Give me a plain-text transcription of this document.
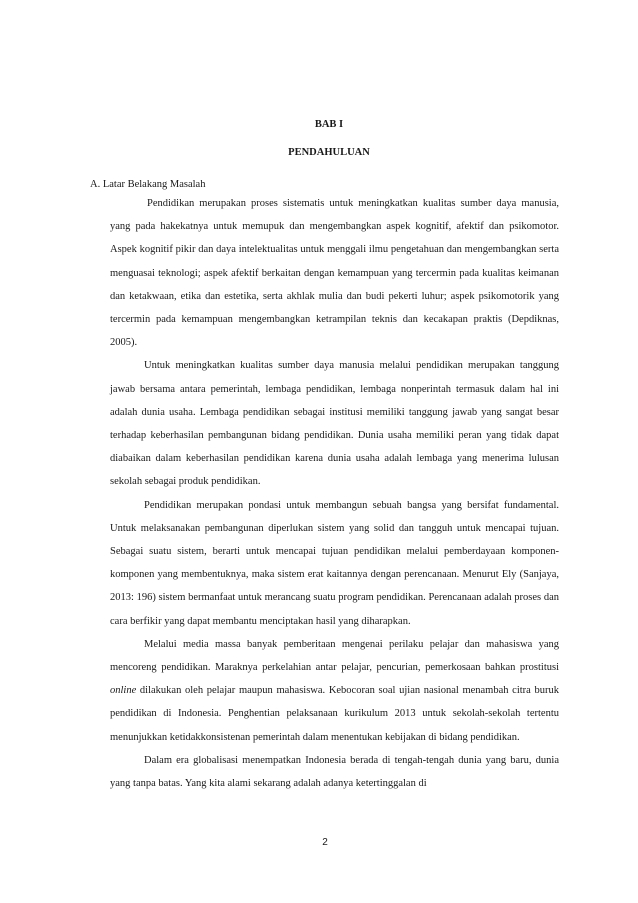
BAB I

PENDAHULUAN

A. Latar Belakang Masalah

Pendidikan merupakan proses sistematis untuk meningkatkan kualitas sumber daya manusia, yang pada hakekatnya untuk memupuk dan mengembangkan aspek kognitif, afektif dan psikomotor. Aspek kognitif pikir dan daya intelektualitas untuk menggali ilmu pengetahuan dan mengembangkan serta menguasai teknologi; aspek afektif berkaitan dengan kemampuan yang tercermin pada kualitas keimanan dan ketakwaan, etika dan estetika, serta akhlak mulia dan budi pekerti luhur; aspek psikomotorik yang tercermin pada kemampuan mengembangkan ketrampilan teknis dan kecakapan praktis (Depdiknas, 2005).

Untuk meningkatkan kualitas sumber daya manusia melalui pendidikan merupakan tanggung jawab bersama antara pemerintah, lembaga pendidikan, lembaga nonperintah termasuk dalam hal ini adalah dunia usaha. Lembaga pendidikan sebagai institusi memiliki tanggung jawab yang sangat besar terhadap keberhasilan pembangunan bidang pendidikan. Dunia usaha memiliki peran yang tidak dapat diabaikan dalam keberhasilan pendidikan karena dunia usaha adalah lembaga yang menerima lulusan sekolah sebagai produk pendidikan.

Pendidikan merupakan pondasi untuk membangun sebuah bangsa yang bersifat fundamental. Untuk melaksanakan pembangunan diperlukan sistem yang solid dan tangguh untuk mencapai tujuan. Sebagai suatu sistem, berarti untuk mencapai tujuan pendidikan melalui pemberdayaan komponen-komponen yang membentuknya, maka sistem erat kaitannya dengan perencanaan. Menurut Ely (Sanjaya, 2013: 196) sistem bermanfaat untuk merancang suatu program pendidikan. Perencanaan adalah proses dan cara berfikir yang dapat membantu menciptakan hasil yang diharapkan.

Melalui media massa banyak pemberitaan mengenai perilaku pelajar dan mahasiswa yang mencoreng pendidikan. Maraknya perkelahian antar pelajar, pencurian, pemerkosaan bahkan prostitusi online dilakukan oleh pelajar maupun mahasiswa. Kebocoran soal ujian nasional menambah citra buruk pendidikan di Indonesia. Penghentian pelaksanaan kurikulum 2013 untuk sekolah-sekolah tertentu menunjukkan ketidakkonsistenan pemerintah dalam menentukan kebijakan di bidang pendidikan.

Dalam era globalisasi menempatkan Indonesia berada di tengah-tengah dunia yang baru, dunia yang tanpa batas. Yang kita alami sekarang adalah adanya ketertinggalan di

2
